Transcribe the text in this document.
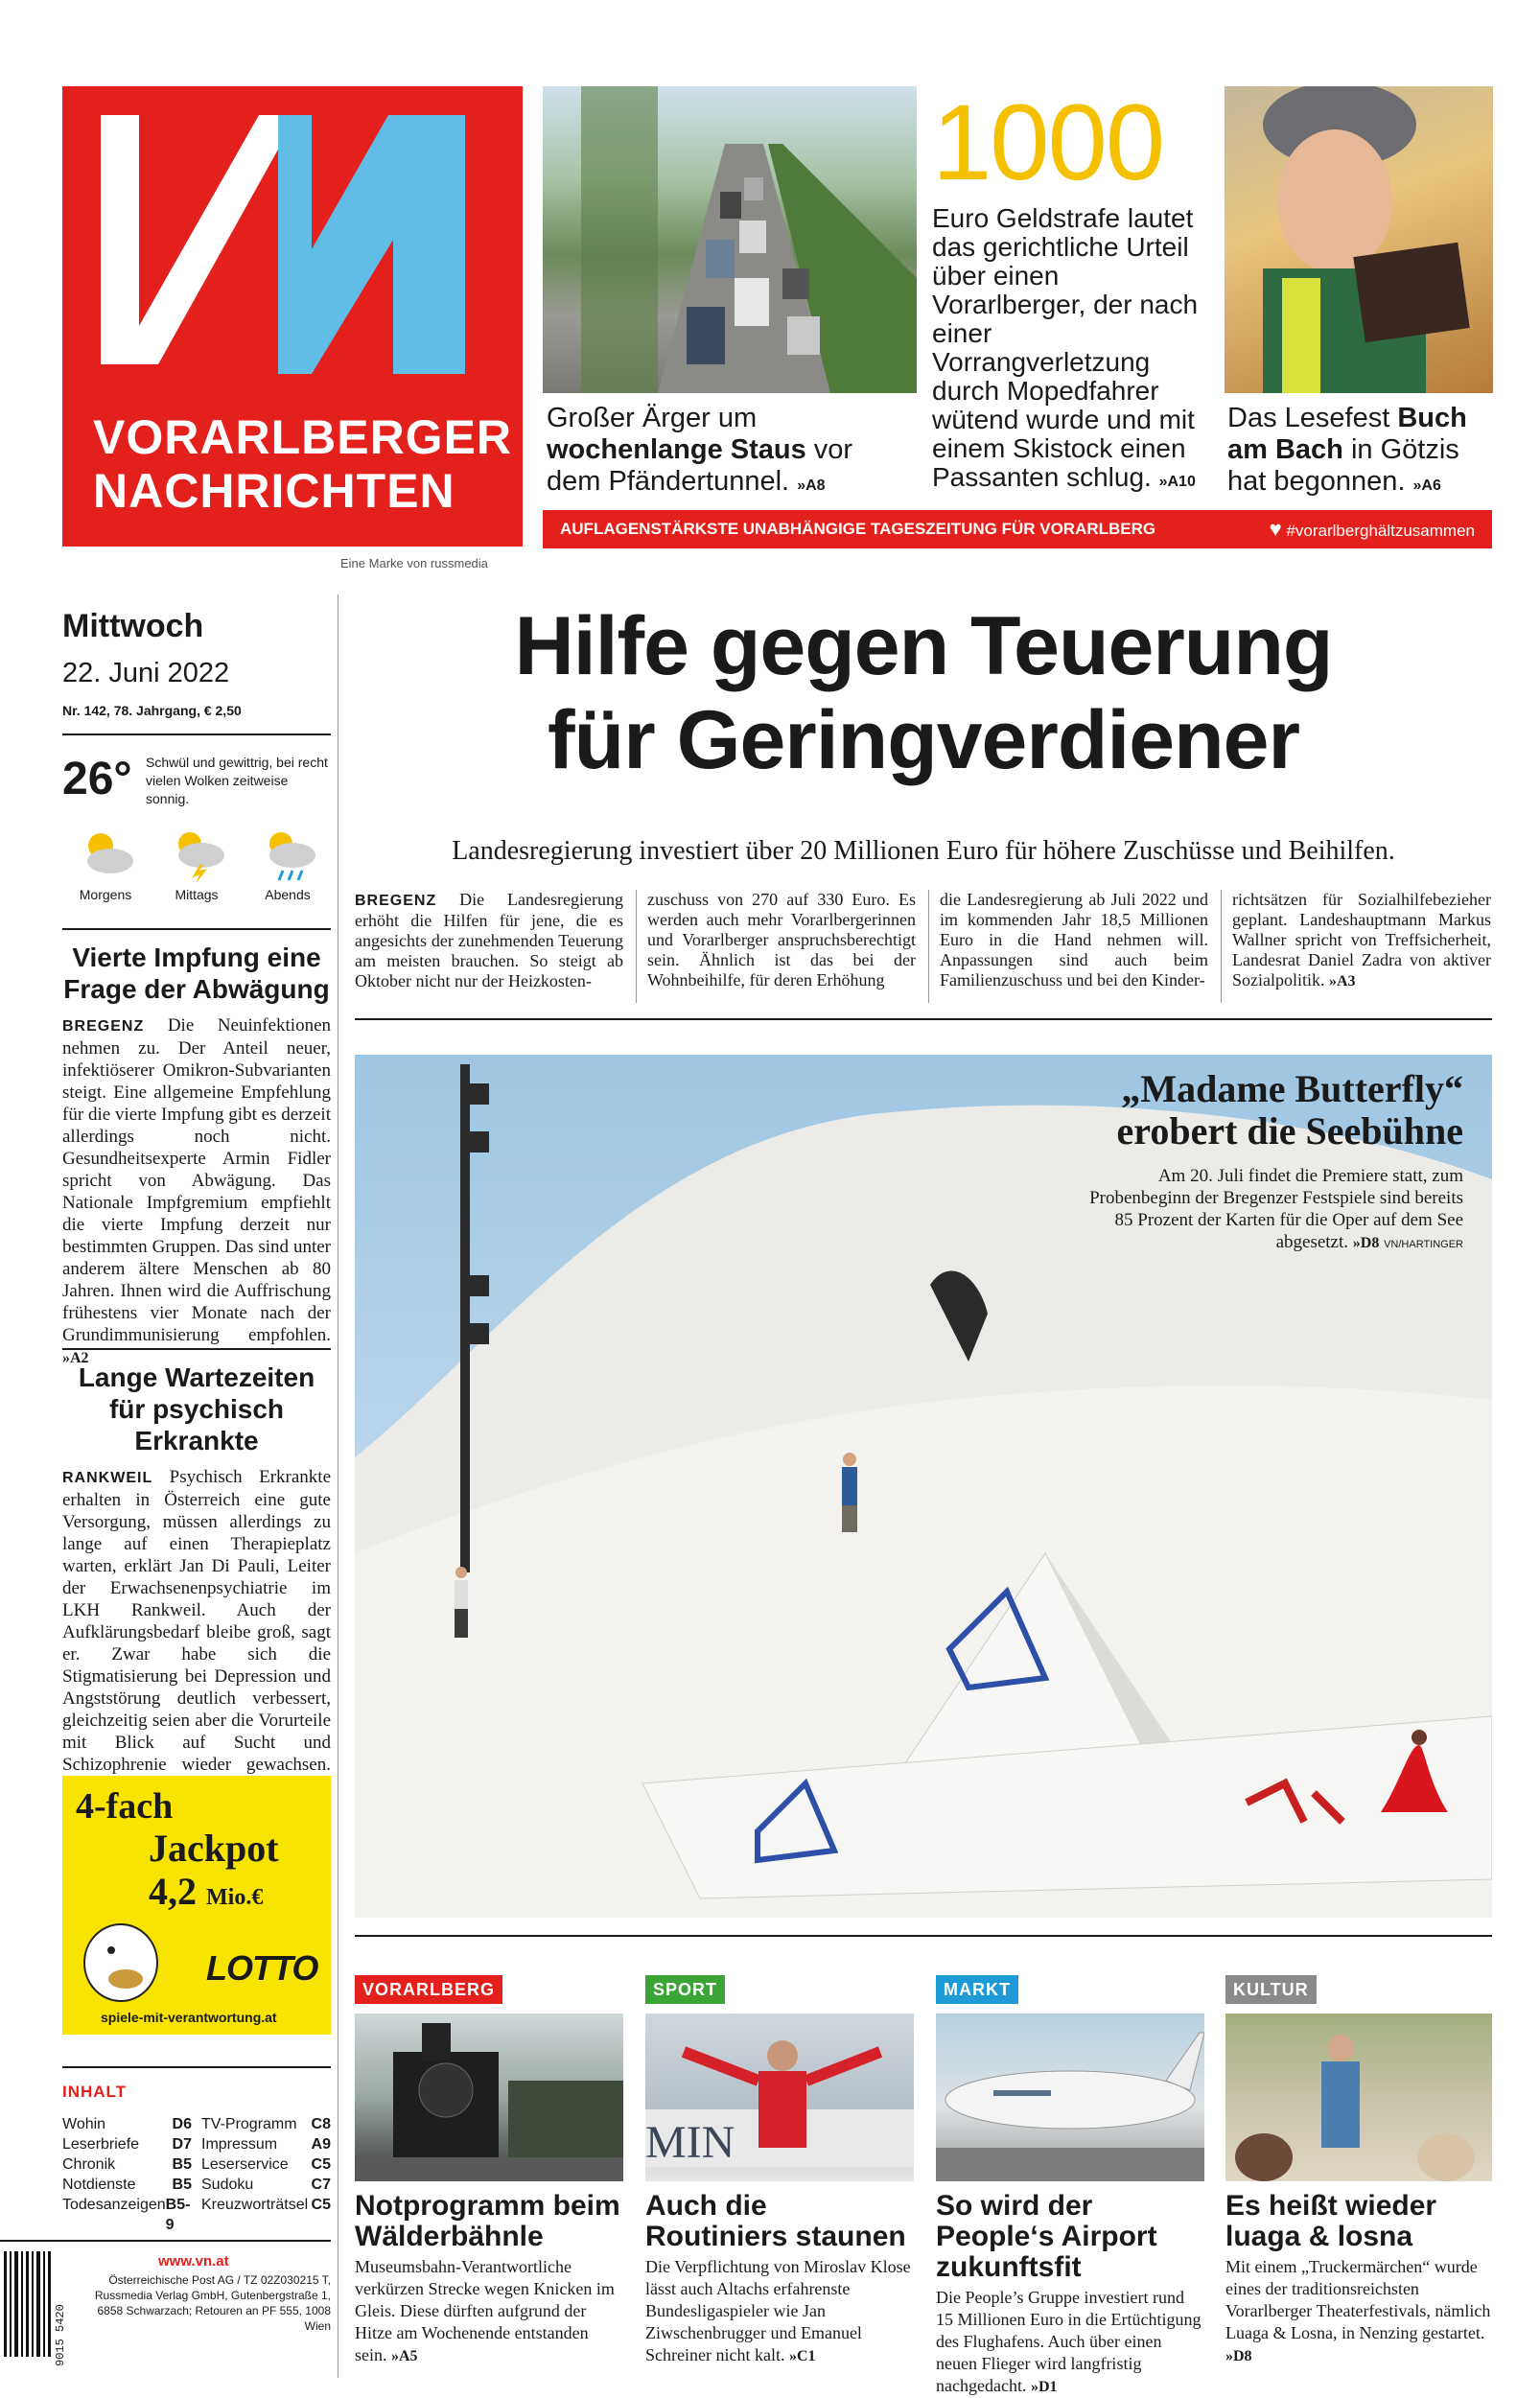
VORARLBERGER
NACHRICHTEN
Eine Marke von russmedia
Großer Ärger um wochenlange Staus vor dem Pfändertunnel. »A8
1000
Euro Geldstrafe lautet das gerichtliche Urteil über einen Vorarlberger, der nach einer Vorrangverletzung durch Mopedfahrer wütend wurde und mit einem Skistock einen Passanten schlug. »A10
Das Lesefest Buch am Bach in Götzis hat begonnen. »A6
AUFLAGENSTÄRKSTE UNABHÄNGIGE TAGESZEITUNG FÜR VORARLBERG	♥ #vorarlberghältzusammen
Mittwoch
22. Juni 2022
Nr. 142, 78. Jahrgang, € 2,50
26° Schwül und gewittrig, bei recht vielen Wolken zeitweise sonnig.
Morgens	Mittags	Abends
Vierte Impfung eine Frage der Abwägung
BREGENZ Die Neuinfektionen nehmen zu. Der Anteil neuer, infektiöserer Omikron-Subvarianten steigt. Eine allgemeine Empfehlung für die vierte Impfung gibt es derzeit allerdings noch nicht. Gesundheitsexperte Armin Fidler spricht von Abwägung. Das Nationale Impfgremium empfiehlt die vierte Impfung derzeit nur bestimmten Gruppen. Das sind unter anderem ältere Menschen ab 80 Jahren. Ihnen wird die Auffrischung frühestens vier Monate nach der Grundimmunisierung empfohlen. »A2
Lange Wartezeiten für psychisch Erkrankte
RANKWEIL Psychisch Erkrankte erhalten in Österreich eine gute Versorgung, müssen allerdings zu lange auf einen Therapieplatz warten, erklärt Jan Di Pauli, Leiter der Erwachsenenpsychiatrie im LKH Rankweil. Auch der Aufklärungsbedarf bleibe groß, sagt er. Zwar habe sich die Stigmatisierung bei Depression und Angststörung deutlich verbessert, gleichzeitig seien aber die Vorurteile mit Blick auf Sucht und Schizophrenie wieder gewachsen.
4-fach
Jackpot
4,2 Mio.€
LOTTO
spiele-mit-verantwortung.at
INHALT
Wohin	D6
Leserbriefe D7
Chronik	B5
Notdienste B5
Todesanzeigen B5-9
TV-Programm C8
Impressum A9
Leserservice C5
Sudoku	C7
Kreuzworträtsel C5
9015 5420
www.vn.at
Österreichische Post AG / TZ 02Z030215 T, Russmedia Verlag GmbH, Gutenbergstraße 1, 6858 Schwarzach; Retouren an PF 555, 1008 Wien
Hilfe gegen Teuerung
für Geringverdiener
Landesregierung investiert über 20 Millionen Euro für höhere Zuschüsse und Beihilfen.
BREGENZ Die Landesregierung erhöht die Hilfen für jene, die es angesichts der zunehmenden Teuerung am meisten brauchen. So steigt ab Oktober nicht nur der Heizkosten-
zuschuss von 270 auf 330 Euro. Es werden auch mehr Vorarlbergerinnen und Vorarlberger anspruchsberechtigt sein. Ähnlich ist das bei der Wohnbeihilfe, für deren Erhöhung
die Landesregierung ab Juli 2022 und im kommenden Jahr 18,5 Millionen Euro in die Hand nehmen will. Anpassungen sind auch beim Familienzuschuss und bei den Kinder-
richtsätzen für Sozialhilfebezieher geplant. Landeshauptmann Markus Wallner spricht von Treffsicherheit, Landesrat Daniel Zadra von aktiver Sozialpolitik. »A3
„Madame Butterfly“
erobert die Seebühne
Am 20. Juli findet die Premiere statt, zum Probenbeginn der Bregenzer Festspiele sind bereits 85 Prozent der Karten für die Oper auf dem See abgesetzt. »D8 VN/HARTINGER
VORARLBERG
Notprogramm beim Wälderbähnle
Museumsbahn-Verantwortliche verkürzen Strecke wegen Knicken im Gleis. Diese dürften aufgrund der Hitze am Wochenende entstanden sein. »A5
SPORT
MIN
Auch die Routiniers staunen
Die Verpflichtung von Miroslav Klose lässt auch Altachs erfahrenste Bundesligaspieler wie Jan Ziwschenbrugger und Emanuel Schreiner nicht kalt. »C1
MARKT
So wird der People‘s Airport zukunftsfit
Die People’s Gruppe investiert rund 15 Millionen Euro in die Ertüchtigung des Flughafens. Auch über einen neuen Flieger wird langfristig nachgedacht. »D1
KULTUR
Es heißt wieder luaga & losna
Mit einem „Truckermärchen“ wurde eines der traditionsreichsten Vorarlberger Theaterfestivals, nämlich Luaga & Losna, in Nenzing gestartet. »D8
